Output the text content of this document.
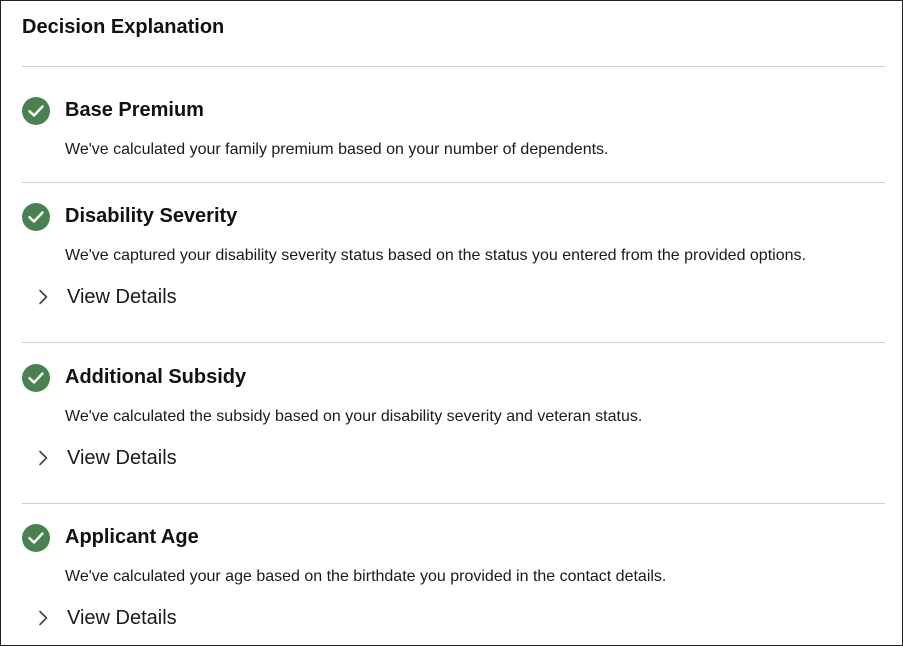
Decision Explanation
Base Premium
We've calculated your family premium based on your number of dependents.
Disability Severity
We've captured your disability severity status based on the status you entered from the provided options.
View Details
Additional Subsidy
We've calculated the subsidy based on your disability severity and veteran status.
View Details
Applicant Age
We've calculated your age based on the birthdate you provided in the contact details.
View Details
